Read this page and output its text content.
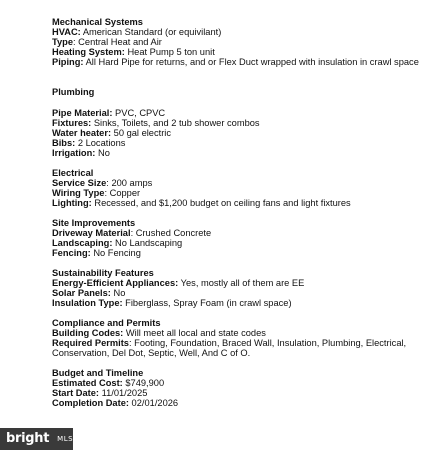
Mechanical Systems
HVAC: American Standard (or equivilant)
Type: Central Heat and Air
Heating System: Heat Pump 5 ton unit
Piping: All Hard Pipe for returns, and or Flex Duct wrapped with insulation in crawl space
Plumbing
Pipe Material: PVC, CPVC
Fixtures: Sinks, Toilets, and 2 tub shower combos
Water heater: 50 gal electric
Bibs: 2 Locations
Irrigation: No
Electrical
Service Size: 200 amps
Wiring Type: Copper
Lighting: Recessed, and $1,200 budget on ceiling fans and light fixtures
Site Improvements
Driveway Material: Crushed Concrete
Landscaping: No Landscaping
Fencing: No Fencing
Sustainability Features
Energy-Efficient Appliances: Yes, mostly all of them are EE
Solar Panels: No
Insulation Type: Fiberglass, Spray Foam (in crawl space)
Compliance and Permits
Building Codes: Will meet all local and state codes
Required Permits: Footing, Foundation, Braced Wall, Insulation, Plumbing, Electrical, Conservation, Del Dot, Septic, Well, And C of O.
Budget and Timeline
Estimated Cost: $749,900
Start Date: 11/01/2025
Completion Date: 02/01/2026
bright MLS
